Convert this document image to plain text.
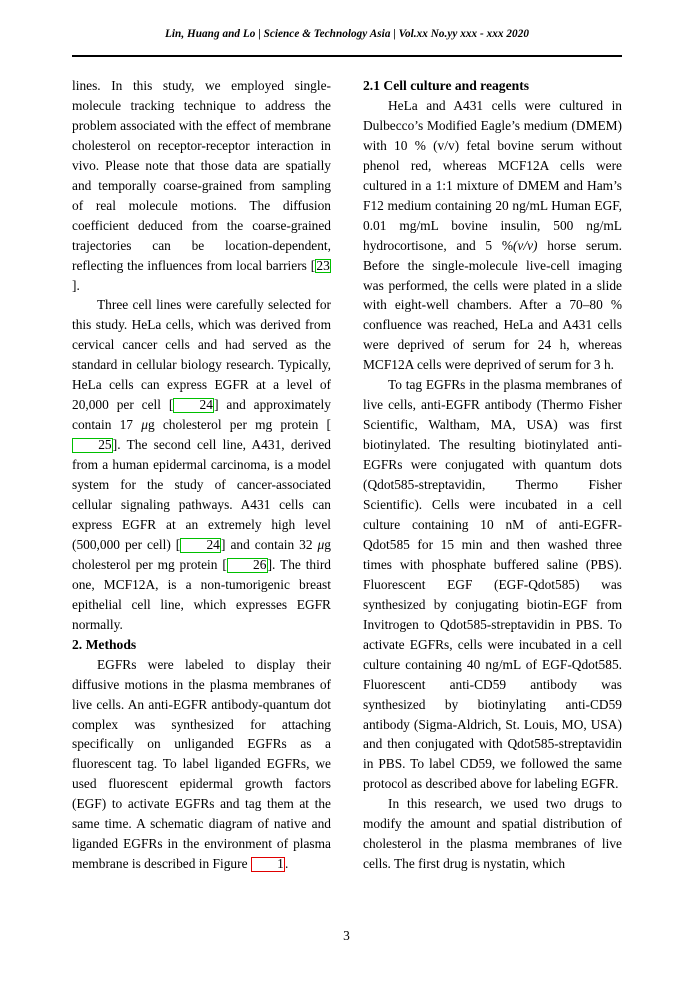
Lin, Huang and Lo | Science & Technology Asia | Vol.xx No.yy xxx - xxx 2020

lines. In this study, we employed single-molecule tracking technique to address the problem associated with the effect of membrane cholesterol on receptor-receptor interaction in vivo. Please note that those data are spatially and temporally coarse-grained from sampling of real molecule motions. The diffusion coefficient deduced from the coarse-grained trajectories can be location-dependent, reflecting the influences from local barriers [23].

Three cell lines were carefully selected for this study. HeLa cells, which was derived from cervical cancer cells and had served as the standard in cellular biology research. Typically, HeLa cells can express EGFR at a level of 20,000 per cell [ 24] and approximately contain 17 μg cholesterol per mg protein [25]. The second cell line, A431, derived from a human epidermal carcinoma, is a model system for the study of cancer-associated cellular signaling pathways. A431 cells can express EGFR at an extremely high level (500,000 per cell) [ 24] and contain 32 μg cholesterol per mg protein [ 26]. The third one, MCF12A, is a non-tumorigenic breast epithelial cell line, which expresses EGFR normally.

2. Methods

EGFRs were labeled to display their diffusive motions in the plasma membranes of live cells. An anti-EGFR antibody-quantum dot complex was synthesized for attaching specifically on unliganded EGFRs as a fluorescent tag. To label liganded EGFRs, we used fluorescent epidermal growth factors (EGF) to activate EGFRs and tag them at the same time. A schematic diagram of native and liganded EGFRs in the environment of plasma membrane is described in Figure 1.

2.1 Cell culture and reagents

HeLa and A431 cells were cultured in Dulbecco’s Modified Eagle’s medium (DMEM) with 10 % (v/v) fetal bovine serum without phenol red, whereas MCF12A cells were cultured in a 1:1 mixture of DMEM and Ham’s F12 medium containing 20 ng/mL Human EGF, 0.01 mg/mL bovine insulin, 500 ng/mL hydrocortisone, and 5 %(v/v) horse serum. Before the single-molecule live-cell imaging was performed, the cells were plated in a slide with eight-well chambers. After a 70–80 % confluence was reached, HeLa and A431 cells were deprived of serum for 24 h, whereas MCF12A cells were deprived of serum for 3 h.

To tag EGFRs in the plasma membranes of live cells, anti-EGFR antibody (Thermo Fisher Scientific, Waltham, MA, USA) was first biotinylated. The resulting biotinylated anti-EGFRs were conjugated with quantum dots (Qdot585-streptavidin, Thermo Fisher Scientific). Cells were incubated in a cell culture containing 10 nM of anti-EGFR-Qdot585 for 15 min and then washed three times with phosphate buffered saline (PBS). Fluorescent EGF (EGF-Qdot585) was synthesized by conjugating biotin-EGF from Invitrogen to Qdot585-streptavidin in PBS. To activate EGFRs, cells were incubated in a cell culture containing 40 ng/mL of EGF-Qdot585. Fluorescent anti-CD59 antibody was synthesized by biotinylating anti-CD59 antibody (Sigma-Aldrich, St. Louis, MO, USA) and then conjugated with Qdot585-streptavidin in PBS. To label CD59, we followed the same protocol as described above for labeling EGFR.

In this research, we used two drugs to modify the amount and spatial distribution of cholesterol in the plasma membranes of live cells. The first drug is nystatin, which

3
